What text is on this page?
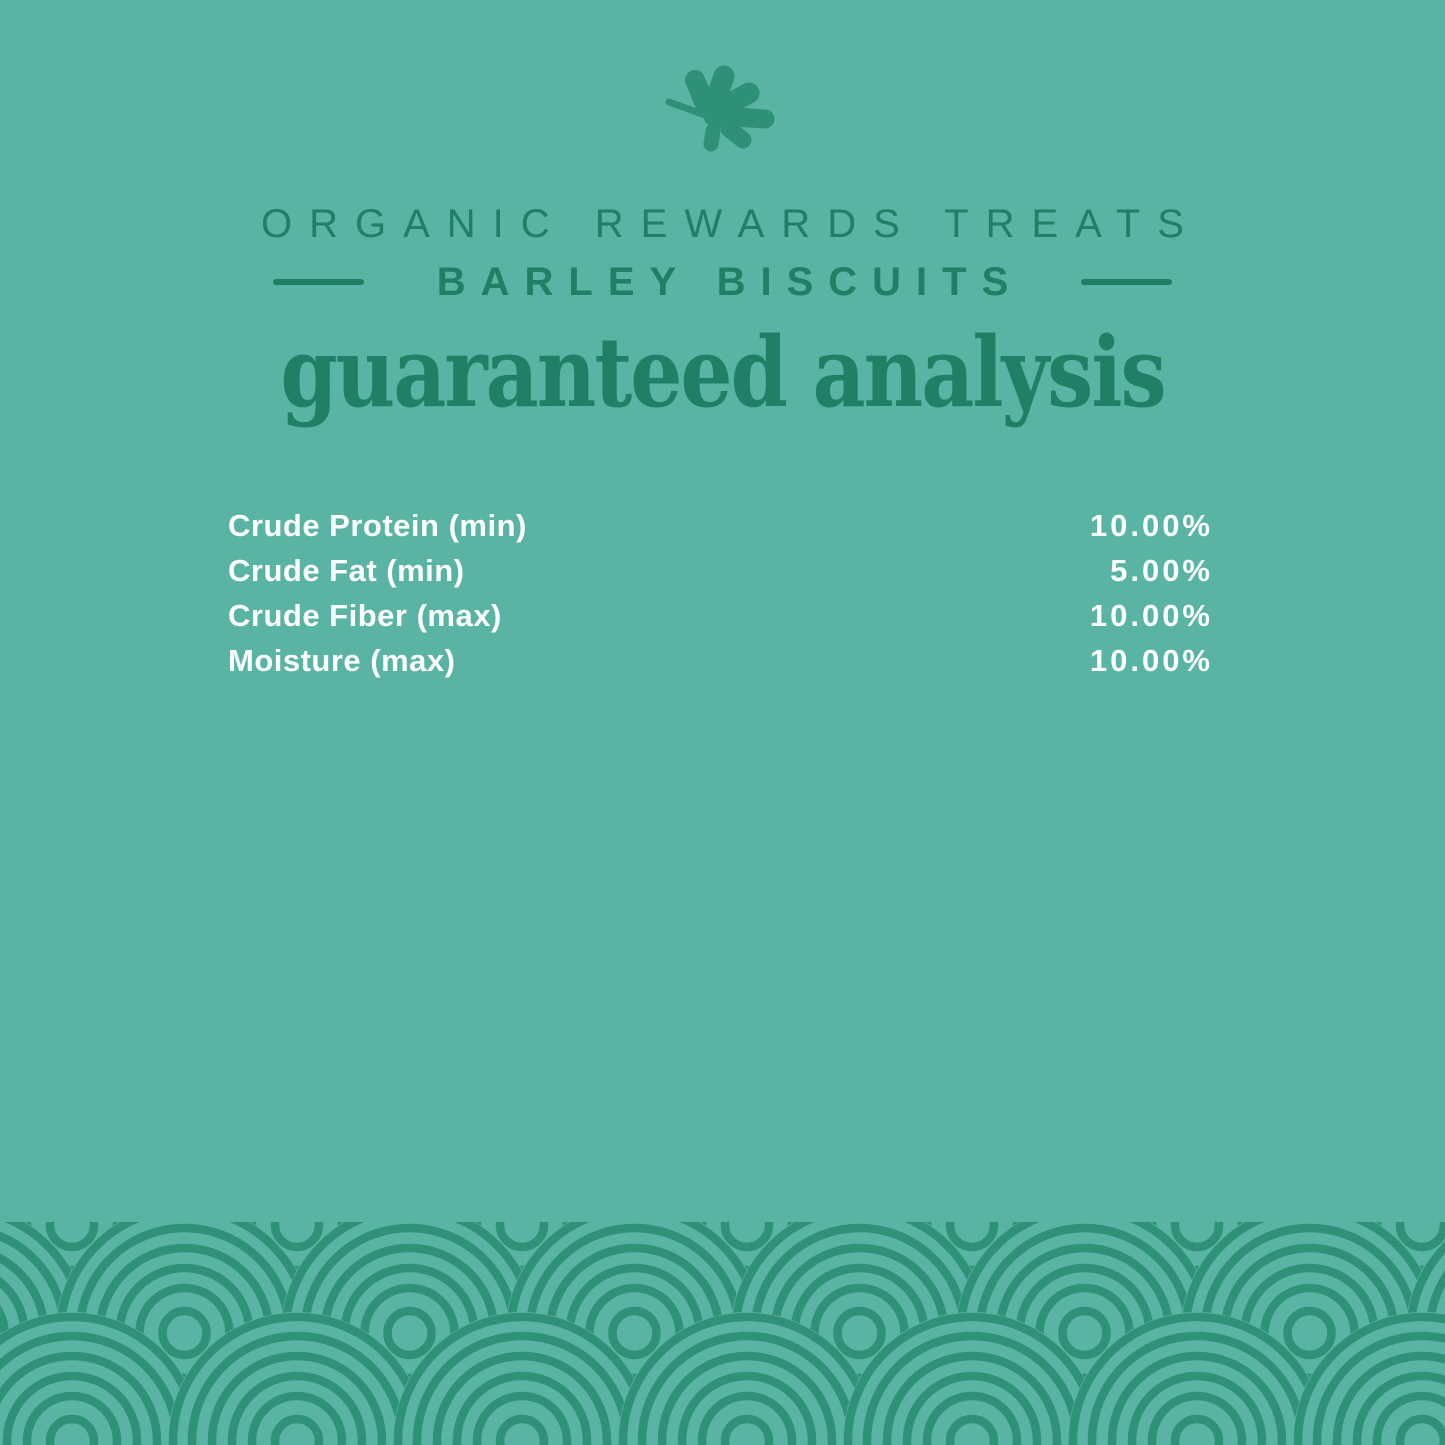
ORGANIC REWARDS TREATS
BARLEY BISCUITS
guaranteed analysis
Crude Protein (min)	10.00%
Crude Fat (min)	5.00%
Crude Fiber (max)	10.00%
Moisture (max)	10.00%
